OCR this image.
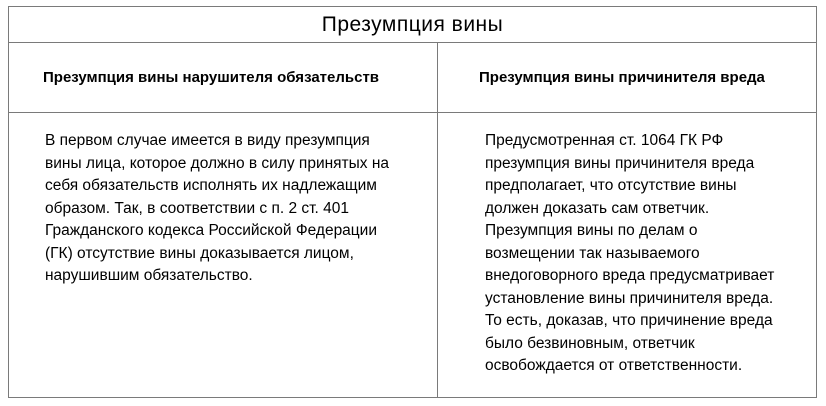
Презумпция вины
Презумпция вины нарушителя обязательств	Презумпция вины причинителя вреда
В первом случае имеется в виду презумпция
вины лица, которое должно в силу принятых на
себя обязательств исполнять их надлежащим
образом. Так, в соответствии с п. 2 ст. 401
Гражданского кодекса Российской Федерации
(ГК) отсутствие вины доказывается лицом,
нарушившим обязательство.
Предусмотренная ст. 1064 ГК РФ
презумпция вины причинителя вреда
предполагает, что отсутствие вины
должен доказать сам ответчик.
Презумпция вины по делам о
возмещении так называемого
внедоговорного вреда предусматривает
установление вины причинителя вреда.
То есть, доказав, что причинение вреда
было безвиновным, ответчик
освобождается от ответственности.
